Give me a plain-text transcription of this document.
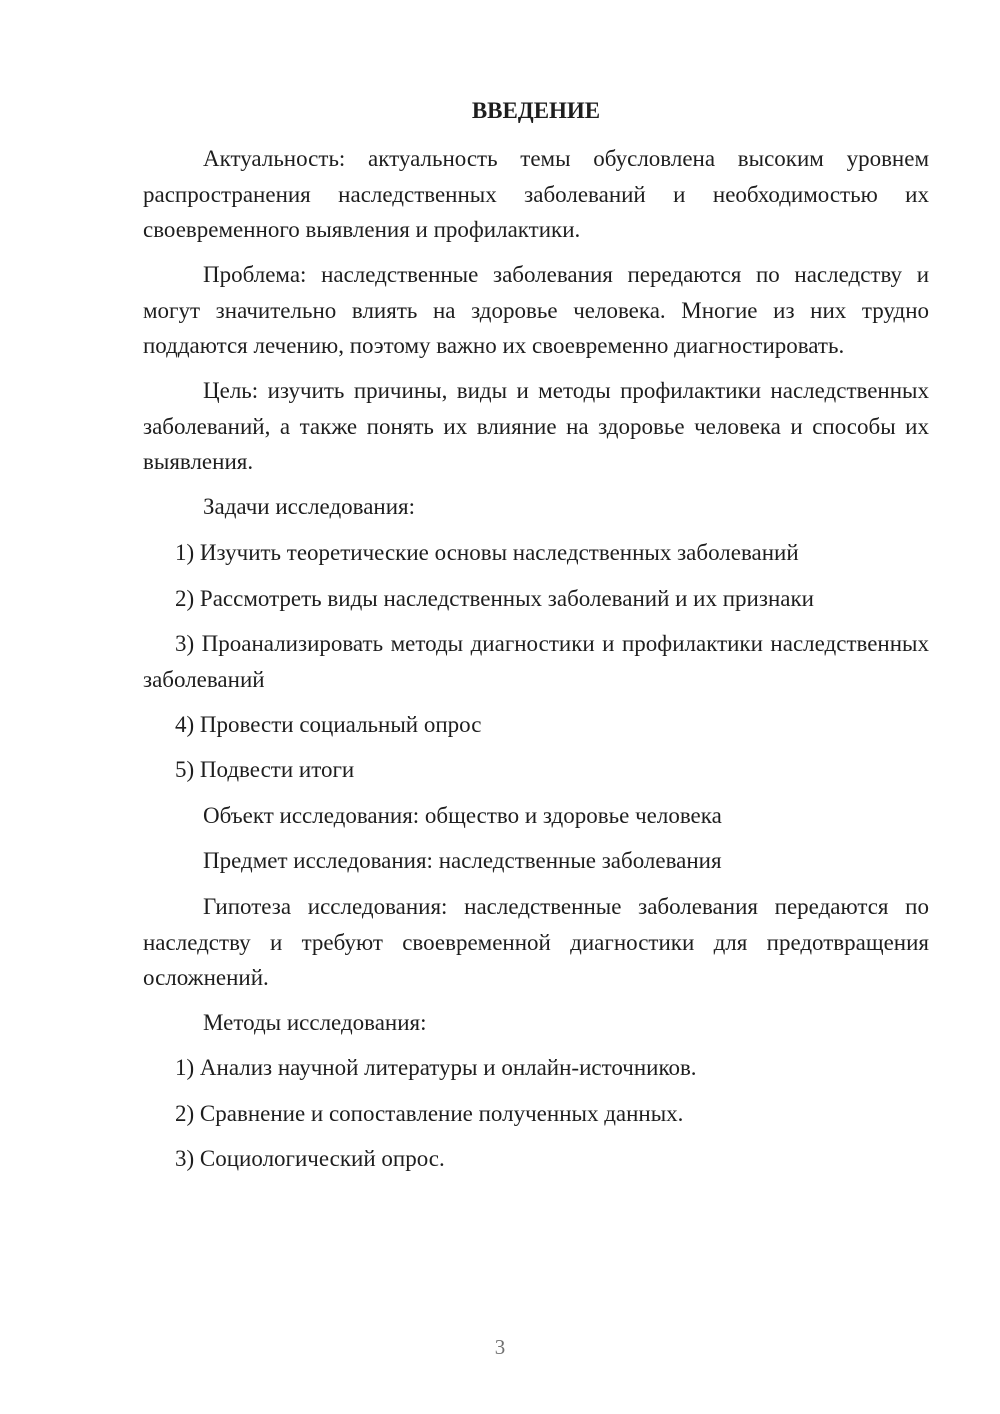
ВВЕДЕНИЕ

Актуальность: актуальность темы обусловлена высоким уровнем распространения наследственных заболеваний и необходимостью их своевременного выявления и профилактики.

Проблема: наследственные заболевания передаются по наследству и могут значительно влиять на здоровье человека. Многие из них трудно поддаются лечению, поэтому важно их своевременно диагностировать.

Цель: изучить причины, виды и методы профилактики наследственных заболеваний, а также понять их влияние на здоровье человека и способы их выявления.

Задачи исследования:

1) Изучить теоретические основы наследственных заболеваний

2) Рассмотреть виды наследственных заболеваний и их признаки

3) Проанализировать методы диагностики и профилактики наследственных заболеваний

4) Провести социальный опрос

5) Подвести итоги

Объект исследования: общество и здоровье человека

Предмет исследования: наследственные заболевания

Гипотеза исследования: наследственные заболевания передаются по наследству и требуют своевременной диагностики для предотвращения осложнений.

Методы исследования:

1) Анализ научной литературы и онлайн-источников.

2) Сравнение и сопоставление полученных данных.

3) Социологический опрос.

3
